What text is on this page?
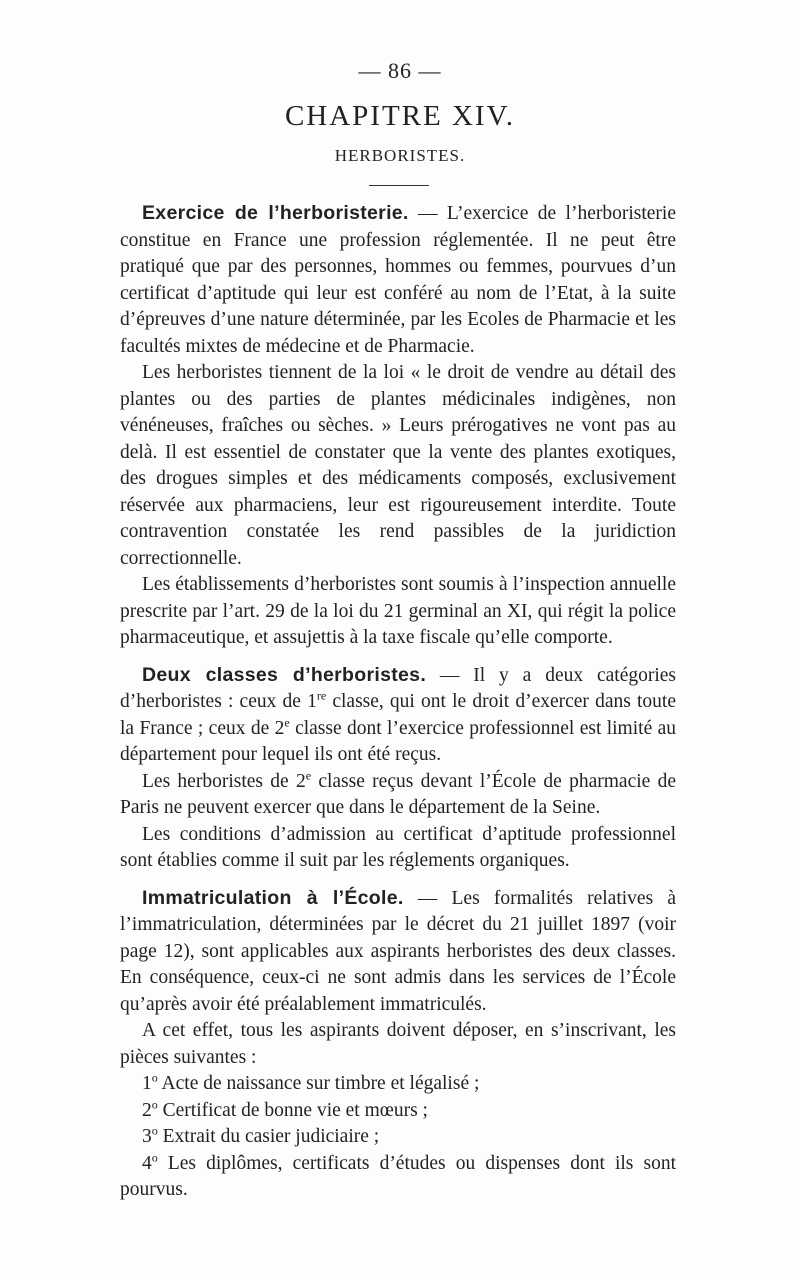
— 86 —
CHAPITRE XIV.
HERBORISTES.

Exercice de l’herboristerie. — L’exercice de l’herboristerie constitue en France une profession réglementée. Il ne peut être pratiqué que par des personnes, hommes ou femmes, pourvues d’un certificat d’aptitude qui leur est conféré au nom de l’Etat, à la suite d’épreuves d’une nature déterminée, par les Ecoles de Pharmacie et les facultés mixtes de médecine et de Pharmacie.

Les herboristes tiennent de la loi « le droit de vendre au détail des plantes ou des parties de plantes médicinales indigènes, non vénéneuses, fraîches ou sèches. » Leurs prérogatives ne vont pas au delà. Il est essentiel de constater que la vente des plantes exotiques, des drogues simples et des médicaments composés, exclusivement réservée aux pharmaciens, leur est rigoureusement interdite. Toute contravention constatée les rend passibles de la juridiction correctionnelle.

Les établissements d’herboristes sont soumis à l’inspection annuelle prescrite par l’art. 29 de la loi du 21 germinal an XI, qui régit la police pharmaceutique, et assujettis à la taxe fiscale qu’elle comporte.

Deux classes d’herboristes. — Il y a deux catégories d’herboristes : ceux de 1re classe, qui ont le droit d’exercer dans toute la France ; ceux de 2e classe dont l’exercice professionnel est limité au département pour lequel ils ont été reçus.

Les herboristes de 2e classe reçus devant l’École de pharmacie de Paris ne peuvent exercer que dans le département de la Seine.

Les conditions d’admission au certificat d’aptitude professionnel sont établies comme il suit par les réglements organiques.

Immatriculation à l’École. — Les formalités relatives à l’immatriculation, déterminées par le décret du 21 juillet 1897 (voir page 12), sont applicables aux aspirants herboristes des deux classes. En conséquence, ceux-ci ne sont admis dans les services de l’École qu’après avoir été préalablement immatriculés.

A cet effet, tous les aspirants doivent déposer, en s’inscrivant, les pièces suivantes :

1$^o$ Acte de naissance sur timbre et légalisé ;

2$^o$ Certificat de bonne vie et mœurs ;

3$^o$ Extrait du casier judiciaire ;

4$^o$ Les diplômes, certificats d’études ou dispenses dont ils sont pourvus.
